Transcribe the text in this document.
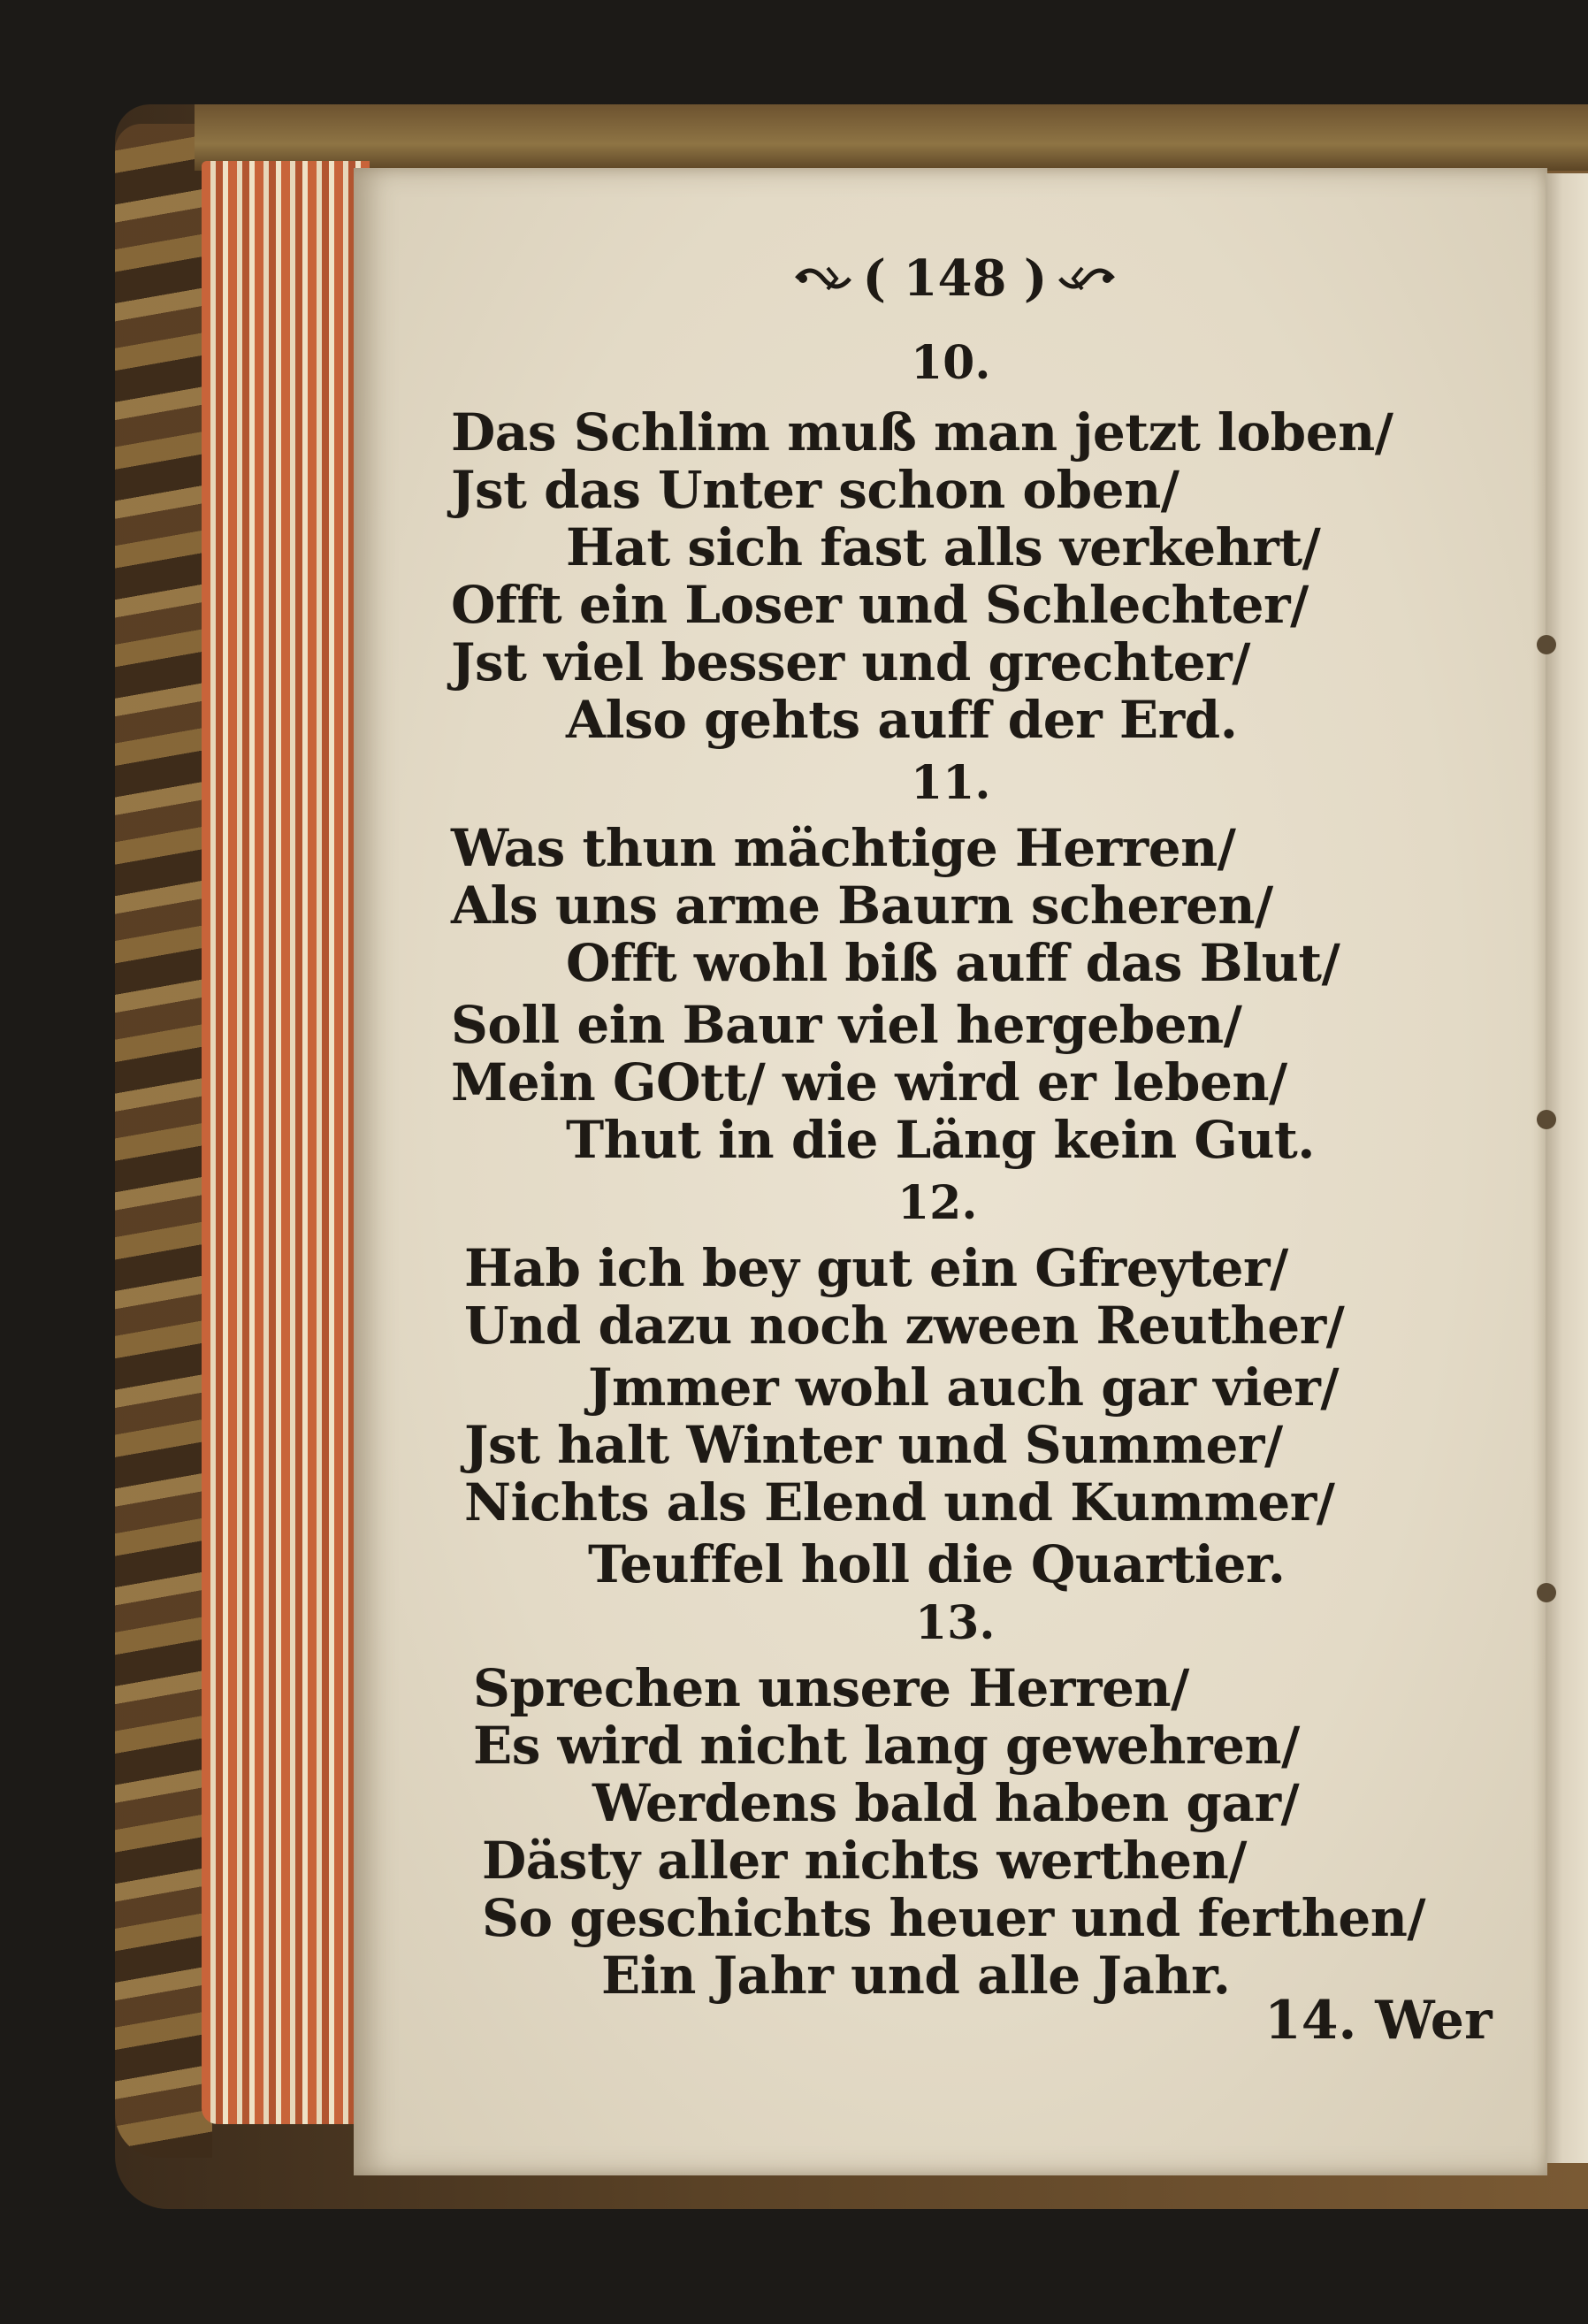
( 148 )
10.
Das Schlim muß man jetzt loben/
Jst das Unter schon oben/
Hat sich fast alls verkehrt/
Offt ein Loser und Schlechter/
Jst viel besser und grechter/
Also gehts auff der Erd.
11.
Was thun mächtige Herren/
Als uns arme Baurn scheren/
Offt wohl biß auff das Blut/
Soll ein Baur viel hergeben/
Mein GOtt/ wie wird er leben/
Thut in die Läng kein Gut.
12.
Hab ich bey gut ein Gfreyter/
Und dazu noch zween Reuther/
Jmmer wohl auch gar vier/
Jst halt Winter und Summer/
Nichts als Elend und Kummer/
Teuffel holl die Quartier.
13.
Sprechen unsere Herren/
Es wird nicht lang gewehren/
Werdens bald haben gar/
Dästy aller nichts werthen/
So geschichts heuer und ferthen/
Ein Jahr und alle Jahr.
14. Wer
